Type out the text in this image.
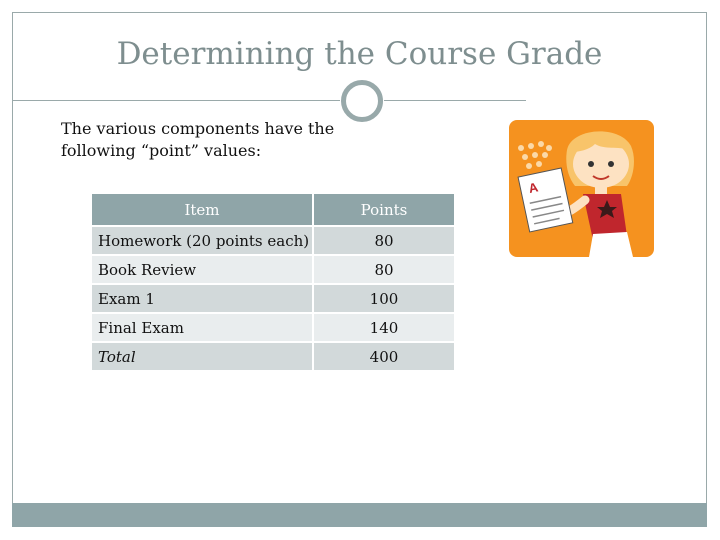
Determining the Course Grade
The various components have the
following “point” values:
Item	Points
Homework (20 points each)	80
Book Review	80
Exam 1	100
Final Exam	140
Total	400
A
